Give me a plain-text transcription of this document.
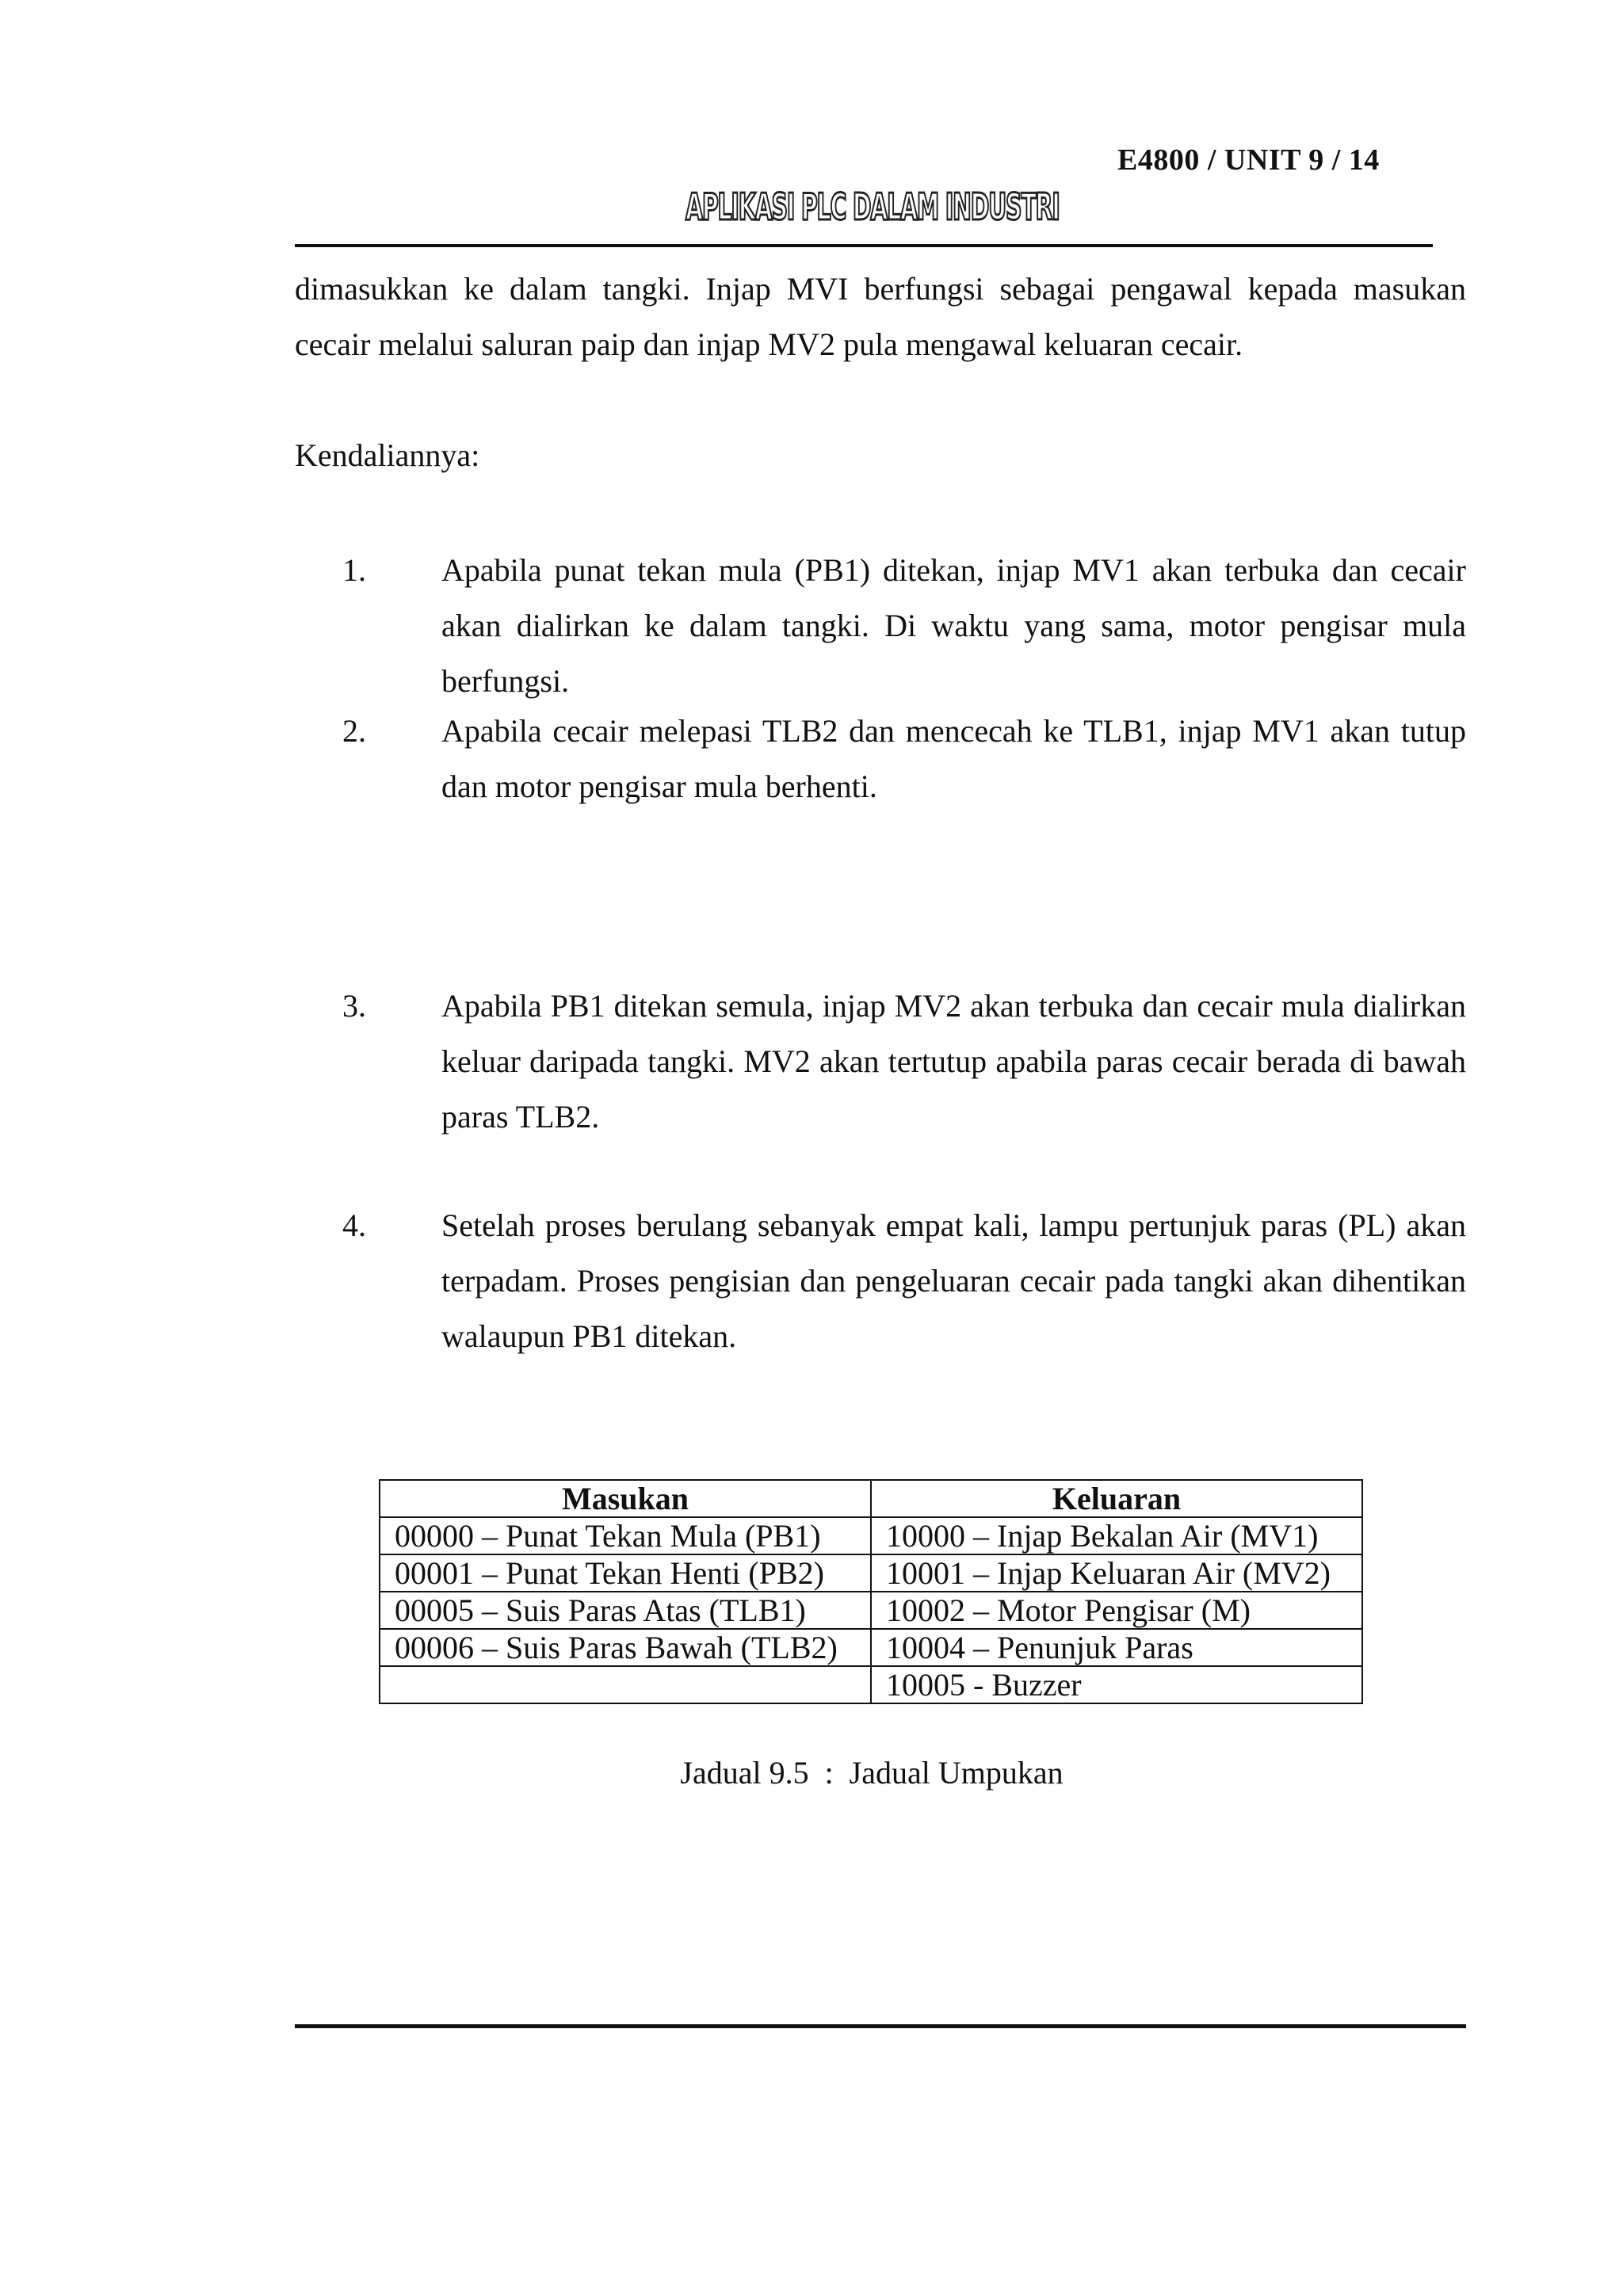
E4800 / UNIT 9 / 14
APLIKASI PLC DALAM INDUSTRI
dimasukkan ke dalam tangki. Injap MVI berfungsi sebagai pengawal kepada masukan cecair melalui saluran paip dan injap MV2 pula mengawal keluaran cecair.
Kendaliannya:
1. Apabila punat tekan mula (PB1) ditekan, injap MV1 akan terbuka dan cecair akan dialirkan ke dalam tangki. Di waktu yang sama, motor pengisar mula berfungsi.
2. Apabila cecair melepasi TLB2 dan mencecah ke TLB1, injap MV1 akan tutup dan motor pengisar mula berhenti.
3. Apabila PB1 ditekan semula, injap MV2 akan terbuka dan cecair mula dialirkan keluar daripada tangki. MV2 akan tertutup apabila paras cecair berada di bawah paras TLB2.
4. Setelah proses berulang sebanyak empat kali, lampu pertunjuk paras (PL) akan terpadam. Proses pengisian dan pengeluaran cecair pada tangki akan dihentikan walaupun PB1 ditekan.
Masukan	Keluaran
00000 – Punat Tekan Mula (PB1)	10000 – Injap Bekalan Air (MV1)
00001 – Punat Tekan Henti (PB2)	10001 – Injap Keluaran Air (MV2)
00005 – Suis Paras Atas (TLB1)	10002 – Motor Pengisar (M)
00006 – Suis Paras Bawah (TLB2)	10004 – Penunjuk Paras
	10005 - Buzzer
Jadual 9.5  :  Jadual Umpukan
